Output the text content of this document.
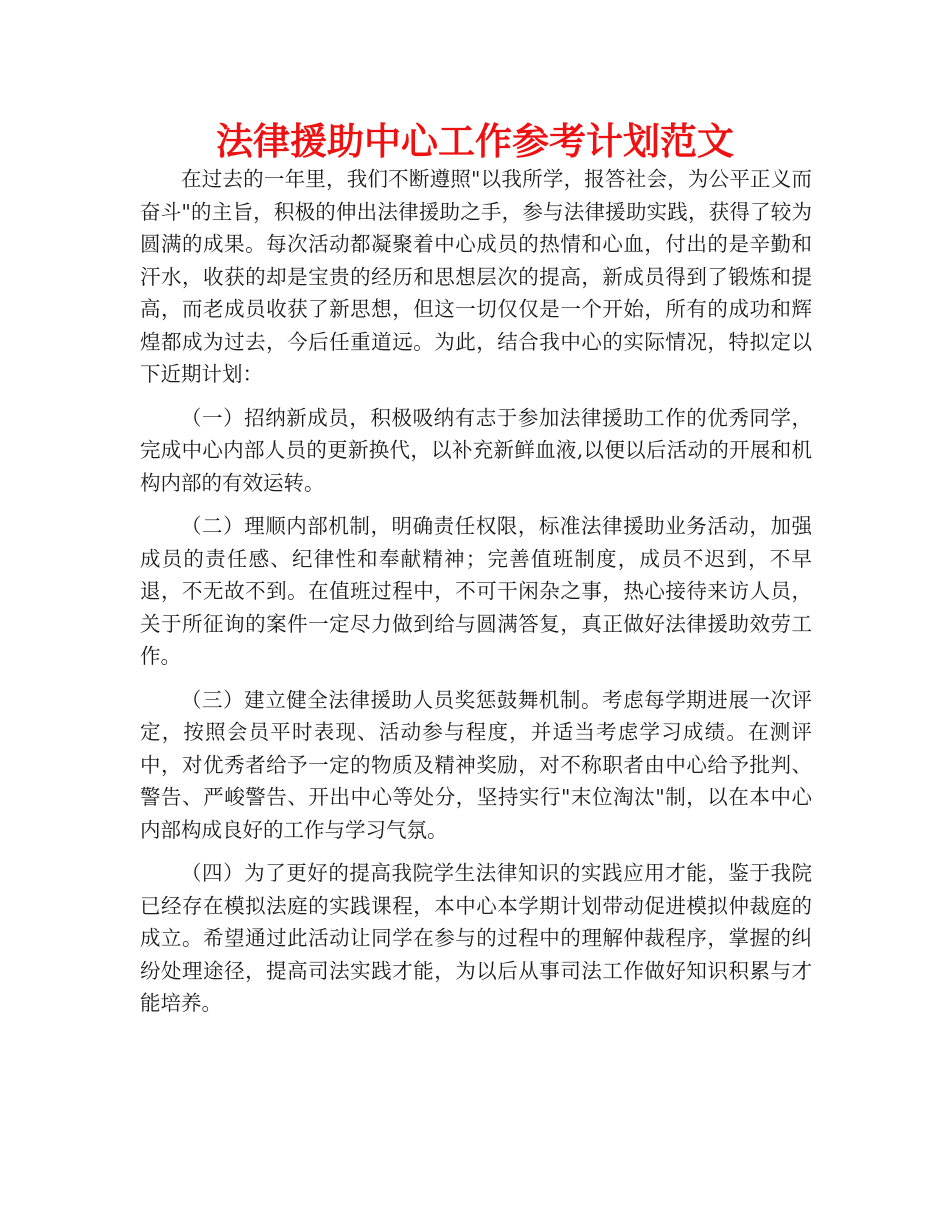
法律援助中心工作参考计划范文

在过去的一年里，我们不断遵照"以我所学，报答社会，为公平正义而奋斗"的主旨，积极的伸出法律援助之手，参与法律援助实践，获得了较为圆满的成果。每次活动都凝聚着中心成员的热情和心血，付出的是辛勤和汗水，收获的却是宝贵的经历和思想层次的提高，新成员得到了锻炼和提高，而老成员收获了新思想，但这一切仅仅是一个开始，所有的成功和辉煌都成为过去，今后任重道远。为此，结合我中心的实际情况，特拟定以下近期计划：

（一）招纳新成员，积极吸纳有志于参加法律援助工作的优秀同学，完成中心内部人员的更新换代，以补充新鲜血液,以便以后活动的开展和机构内部的有效运转。

（二）理顺内部机制，明确责任权限，标准法律援助业务活动，加强成员的责任感、纪律性和奉献精神；完善值班制度，成员不迟到，不早退，不无故不到。在值班过程中，不可干闲杂之事，热心接待来访人员，关于所征询的案件一定尽力做到给与圆满答复，真正做好法律援助效劳工作。

（三）建立健全法律援助人员奖惩鼓舞机制。考虑每学期进展一次评定，按照会员平时表现、活动参与程度，并适当考虑学习成绩。在测评中，对优秀者给予一定的物质及精神奖励，对不称职者由中心给予批判、警告、严峻警告、开出中心等处分，坚持实行"末位淘汰"制，以在本中心内部构成良好的工作与学习气氛。

（四）为了更好的提高我院学生法律知识的实践应用才能，鉴于我院已经存在模拟法庭的实践课程，本中心本学期计划带动促进模拟仲裁庭的成立。希望通过此活动让同学在参与的过程中的理解仲裁程序，掌握的纠纷处理途径，提高司法实践才能，为以后从事司法工作做好知识积累与才能培养。
